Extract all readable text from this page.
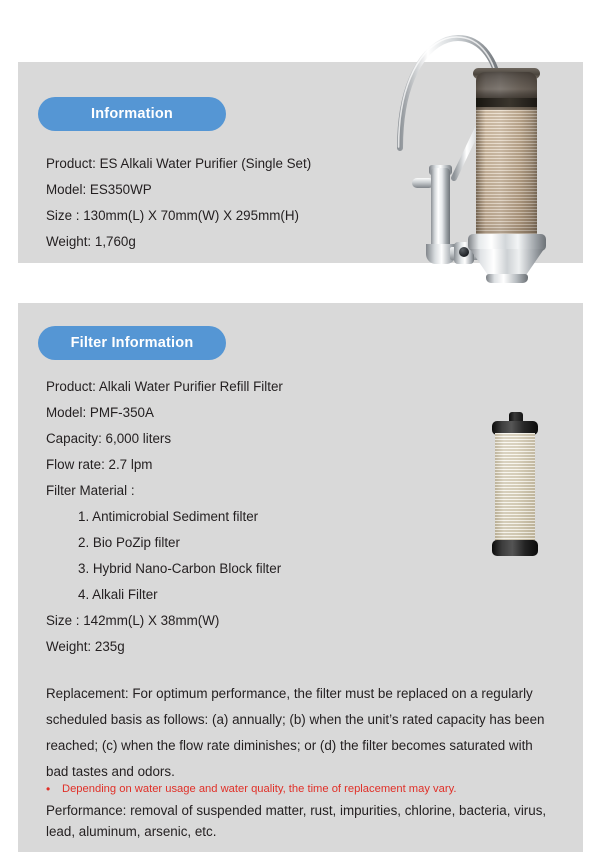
Information
Product: ES Alkali Water Purifier (Single Set)
Model: ES350WP
Size : 130mm(L) X 70mm(W) X 295mm(H)
Weight: 1,760g
Filter Information
Product: Alkali Water Purifier Refill Filter
Model: PMF-350A
Capacity: 6,000 liters
Flow rate: 2.7 lpm
Filter Material :
1. Antimicrobial Sediment filter
2. Bio PoZip filter
3. Hybrid Nano-Carbon Block filter
4. Alkali Filter
Size : 142mm(L) X 38mm(W)
Weight: 235g
Replacement: For optimum performance, the filter must be replaced on a regularly scheduled basis as follows: (a) annually; (b) when the unit’s rated capacity has been reached; (c) when the flow rate diminishes; or (d) the filter becomes saturated with bad tastes and odors.
•	Depending on water usage and water quality, the time of replacement may vary.
Performance: removal of suspended matter, rust, impurities, chlorine, bacteria, virus, lead, aluminum, arsenic, etc.
